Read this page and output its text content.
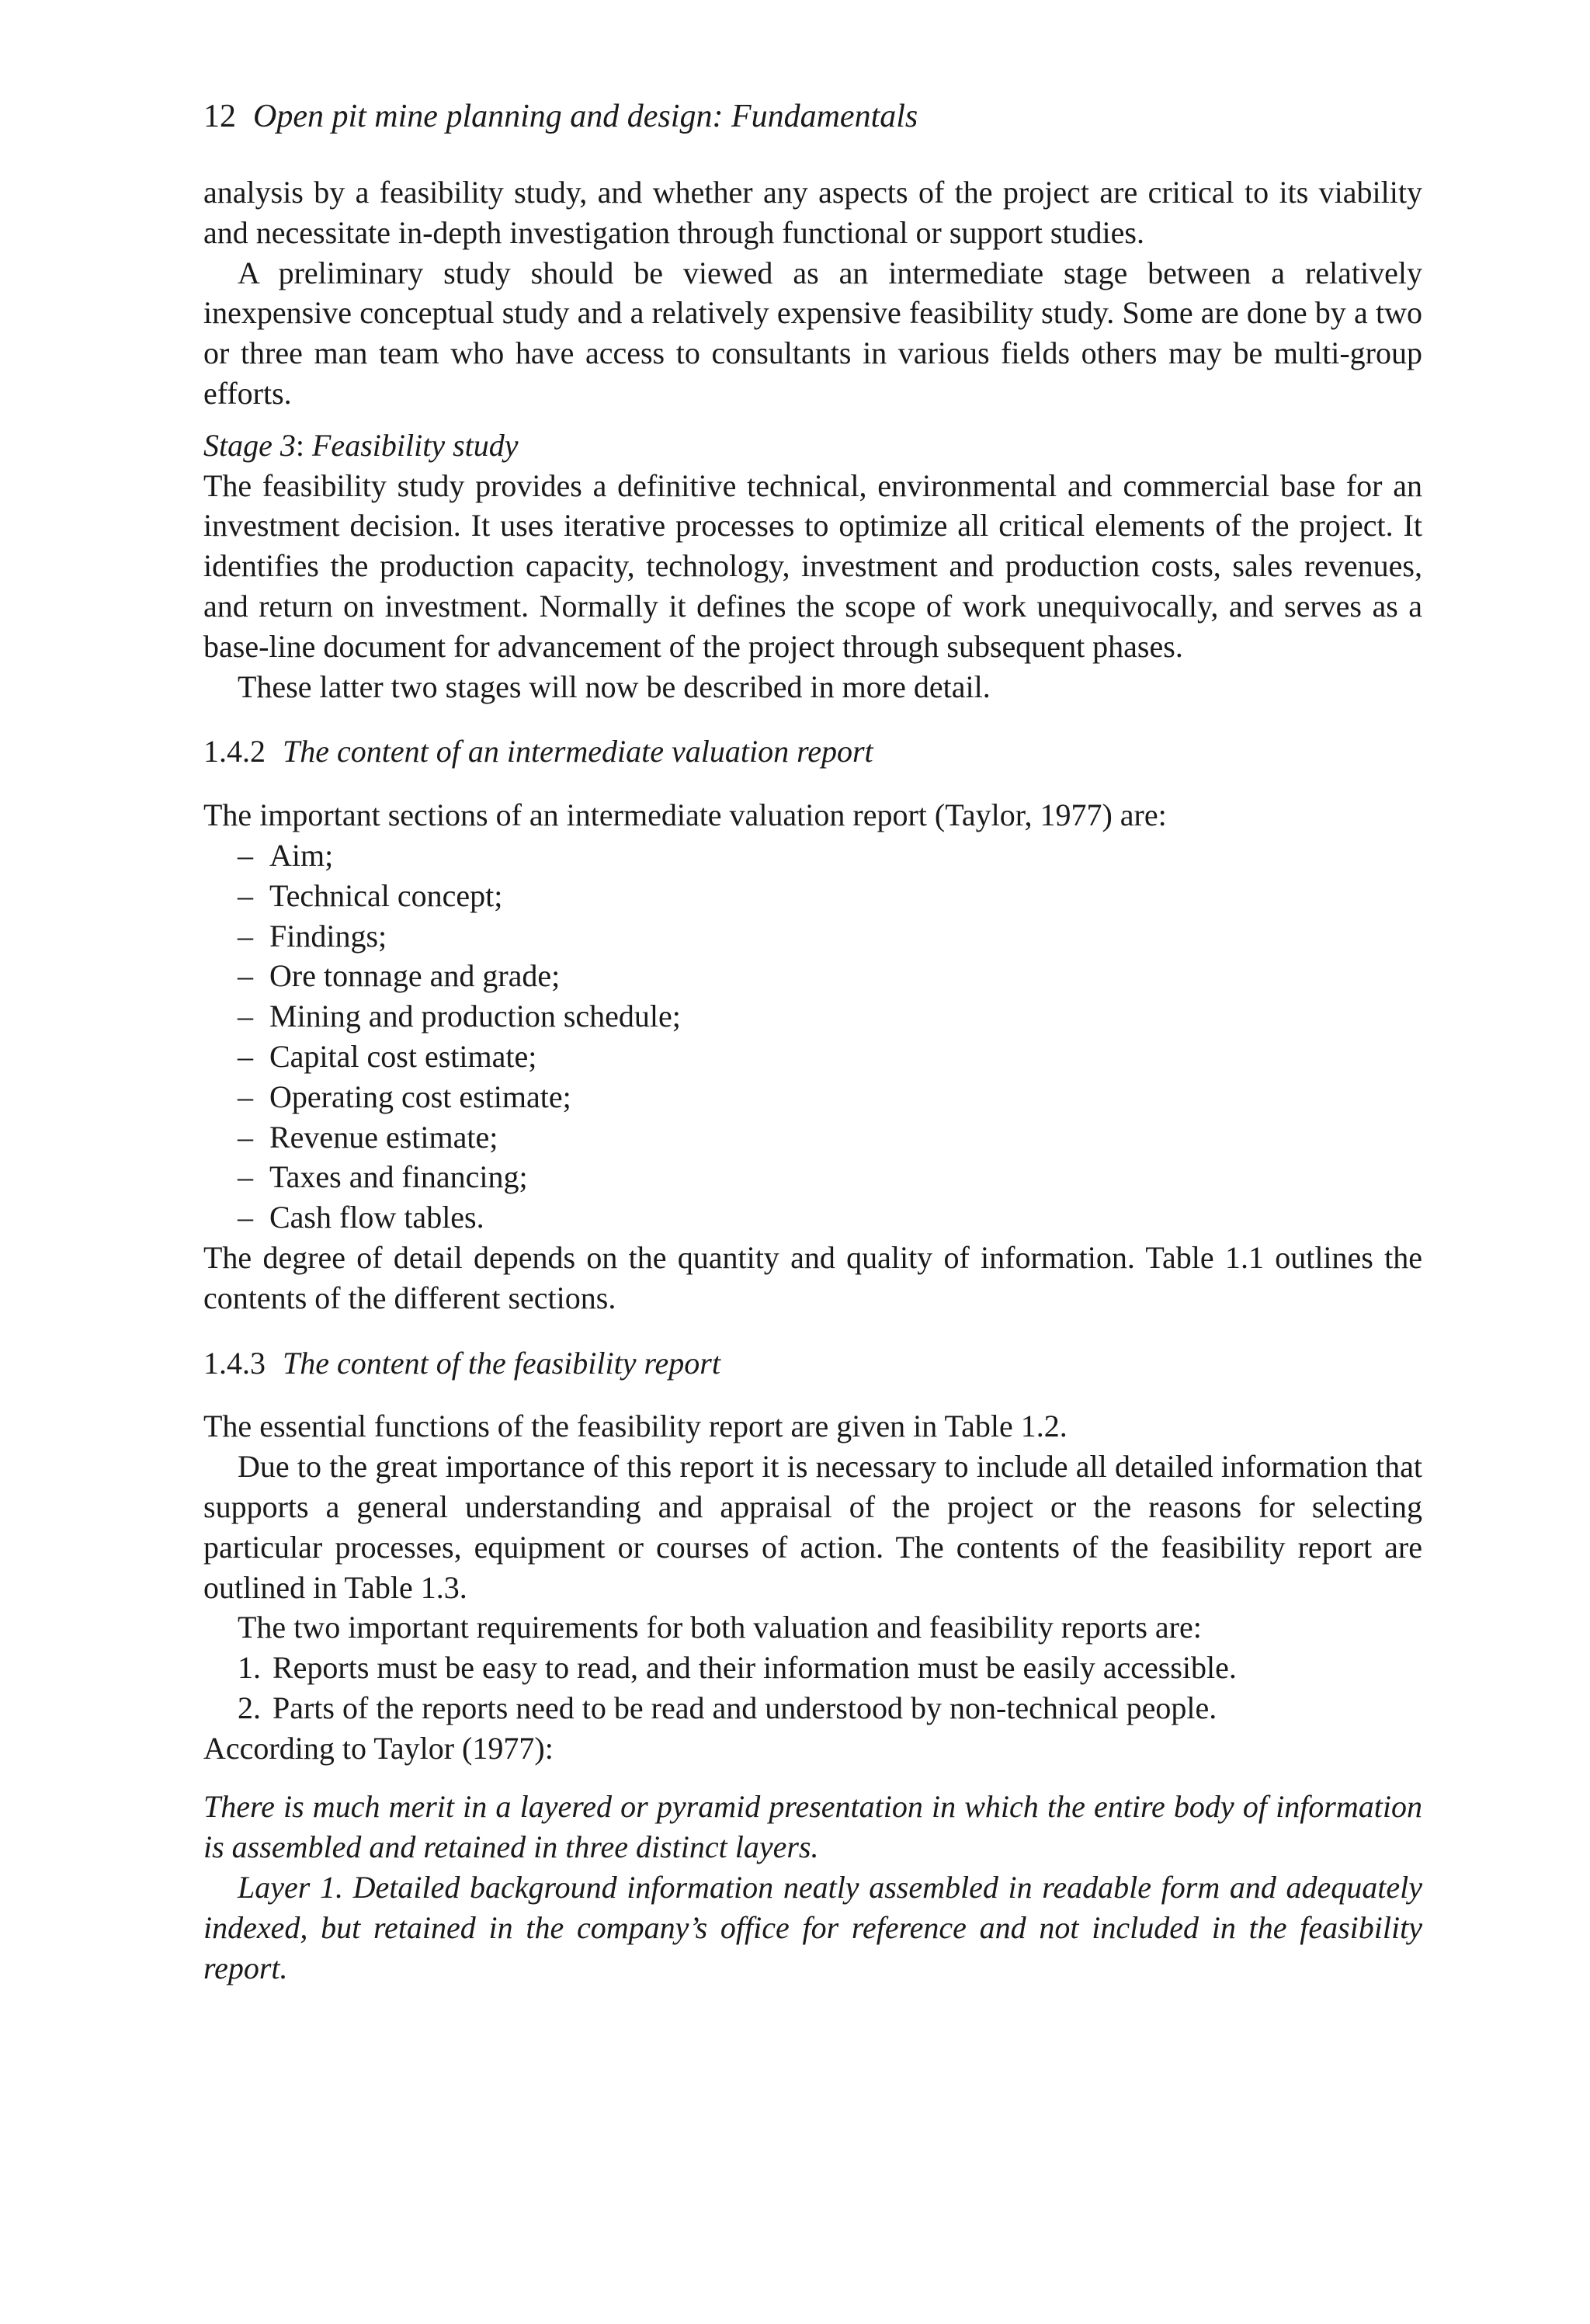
12 Open pit mine planning and design: Fundamentals

analysis by a feasibility study, and whether any aspects of the project are critical to its viability and necessitate in-depth investigation through functional or support studies.

A preliminary study should be viewed as an intermediate stage between a relatively inexpensive conceptual study and a relatively expensive feasibility study. Some are done by a two or three man team who have access to consultants in various fields others may be multi-group efforts.

Stage 3: Feasibility study

The feasibility study provides a definitive technical, environmental and commercial base for an investment decision. It uses iterative processes to optimize all critical elements of the project. It identifies the production capacity, technology, investment and production costs, sales revenues, and return on investment. Normally it defines the scope of work unequivocally, and serves as a base-line document for advancement of the project through subsequent phases.

These latter two stages will now be described in more detail.

1.4.2 The content of an intermediate valuation report

The important sections of an intermediate valuation report (Taylor, 1977) are:

– Aim;
– Technical concept;
– Findings;
– Ore tonnage and grade;
– Mining and production schedule;
– Capital cost estimate;
– Operating cost estimate;
– Revenue estimate;
– Taxes and financing;
– Cash flow tables.

The degree of detail depends on the quantity and quality of information. Table 1.1 outlines the contents of the different sections.

1.4.3 The content of the feasibility report

The essential functions of the feasibility report are given in Table 1.2.

Due to the great importance of this report it is necessary to include all detailed information that supports a general understanding and appraisal of the project or the reasons for selecting particular processes, equipment or courses of action. The contents of the feasibility report are outlined in Table 1.3.

The two important requirements for both valuation and feasibility reports are:

1. Reports must be easy to read, and their information must be easily accessible.
2. Parts of the reports need to be read and understood by non-technical people.

According to Taylor (1977):

There is much merit in a layered or pyramid presentation in which the entire body of information is assembled and retained in three distinct layers.

Layer 1. Detailed background information neatly assembled in readable form and adequately indexed, but retained in the company’s office for reference and not included in the feasibility report.
